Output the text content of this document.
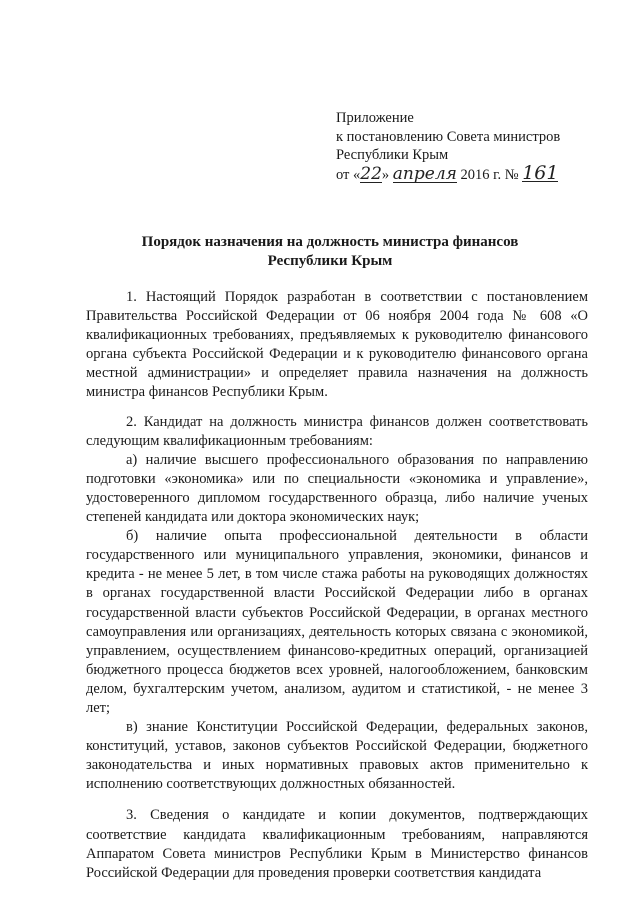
Приложение
к постановлению Совета министров
Республики Крым
от «22» апреля 2016 г. № 161
Порядок назначения на должность министра финансов
Республики Крым

1. Настоящий Порядок разработан в соответствии с постановлением Правительства Российской Федерации от 06 ноября 2004 года № 608 «О квалификационных требованиях, предъявляемых к руководителю финансового органа субъекта Российской Федерации и к руководителю финансового органа местной администрации» и определяет правила назначения на должность министра финансов Республики Крым.

2. Кандидат на должность министра финансов должен соответствовать следующим квалификационным требованиям:

а) наличие высшего профессионального образования по направлению подготовки «экономика» или по специальности «экономика и управление», удостоверенного дипломом государственного образца, либо наличие ученых степеней кандидата или доктора экономических наук;

б) наличие опыта профессиональной деятельности в области государственного или муниципального управления, экономики, финансов и кредита - не менее 5 лет, в том числе стажа работы на руководящих должностях в органах государственной власти Российской Федерации либо в органах государственной власти субъектов Российской Федерации, в органах местного самоуправления или организациях, деятельность которых связана с экономикой, управлением, осуществлением финансово-кредитных операций, организацией бюджетного процесса бюджетов всех уровней, налогообложением, банковским делом, бухгалтерским учетом, анализом, аудитом и статистикой, - не менее 3 лет;

в) знание Конституции Российской Федерации, федеральных законов, конституций, уставов, законов субъектов Российской Федерации, бюджетного законодательства и иных нормативных правовых актов применительно к исполнению соответствующих должностных обязанностей.

3. Сведения о кандидате и копии документов, подтверждающих соответствие кандидата квалификационным требованиям, направляются Аппаратом Совета министров Республики Крым в Министерство финансов Российской Федерации для проведения проверки соответствия кандидата
